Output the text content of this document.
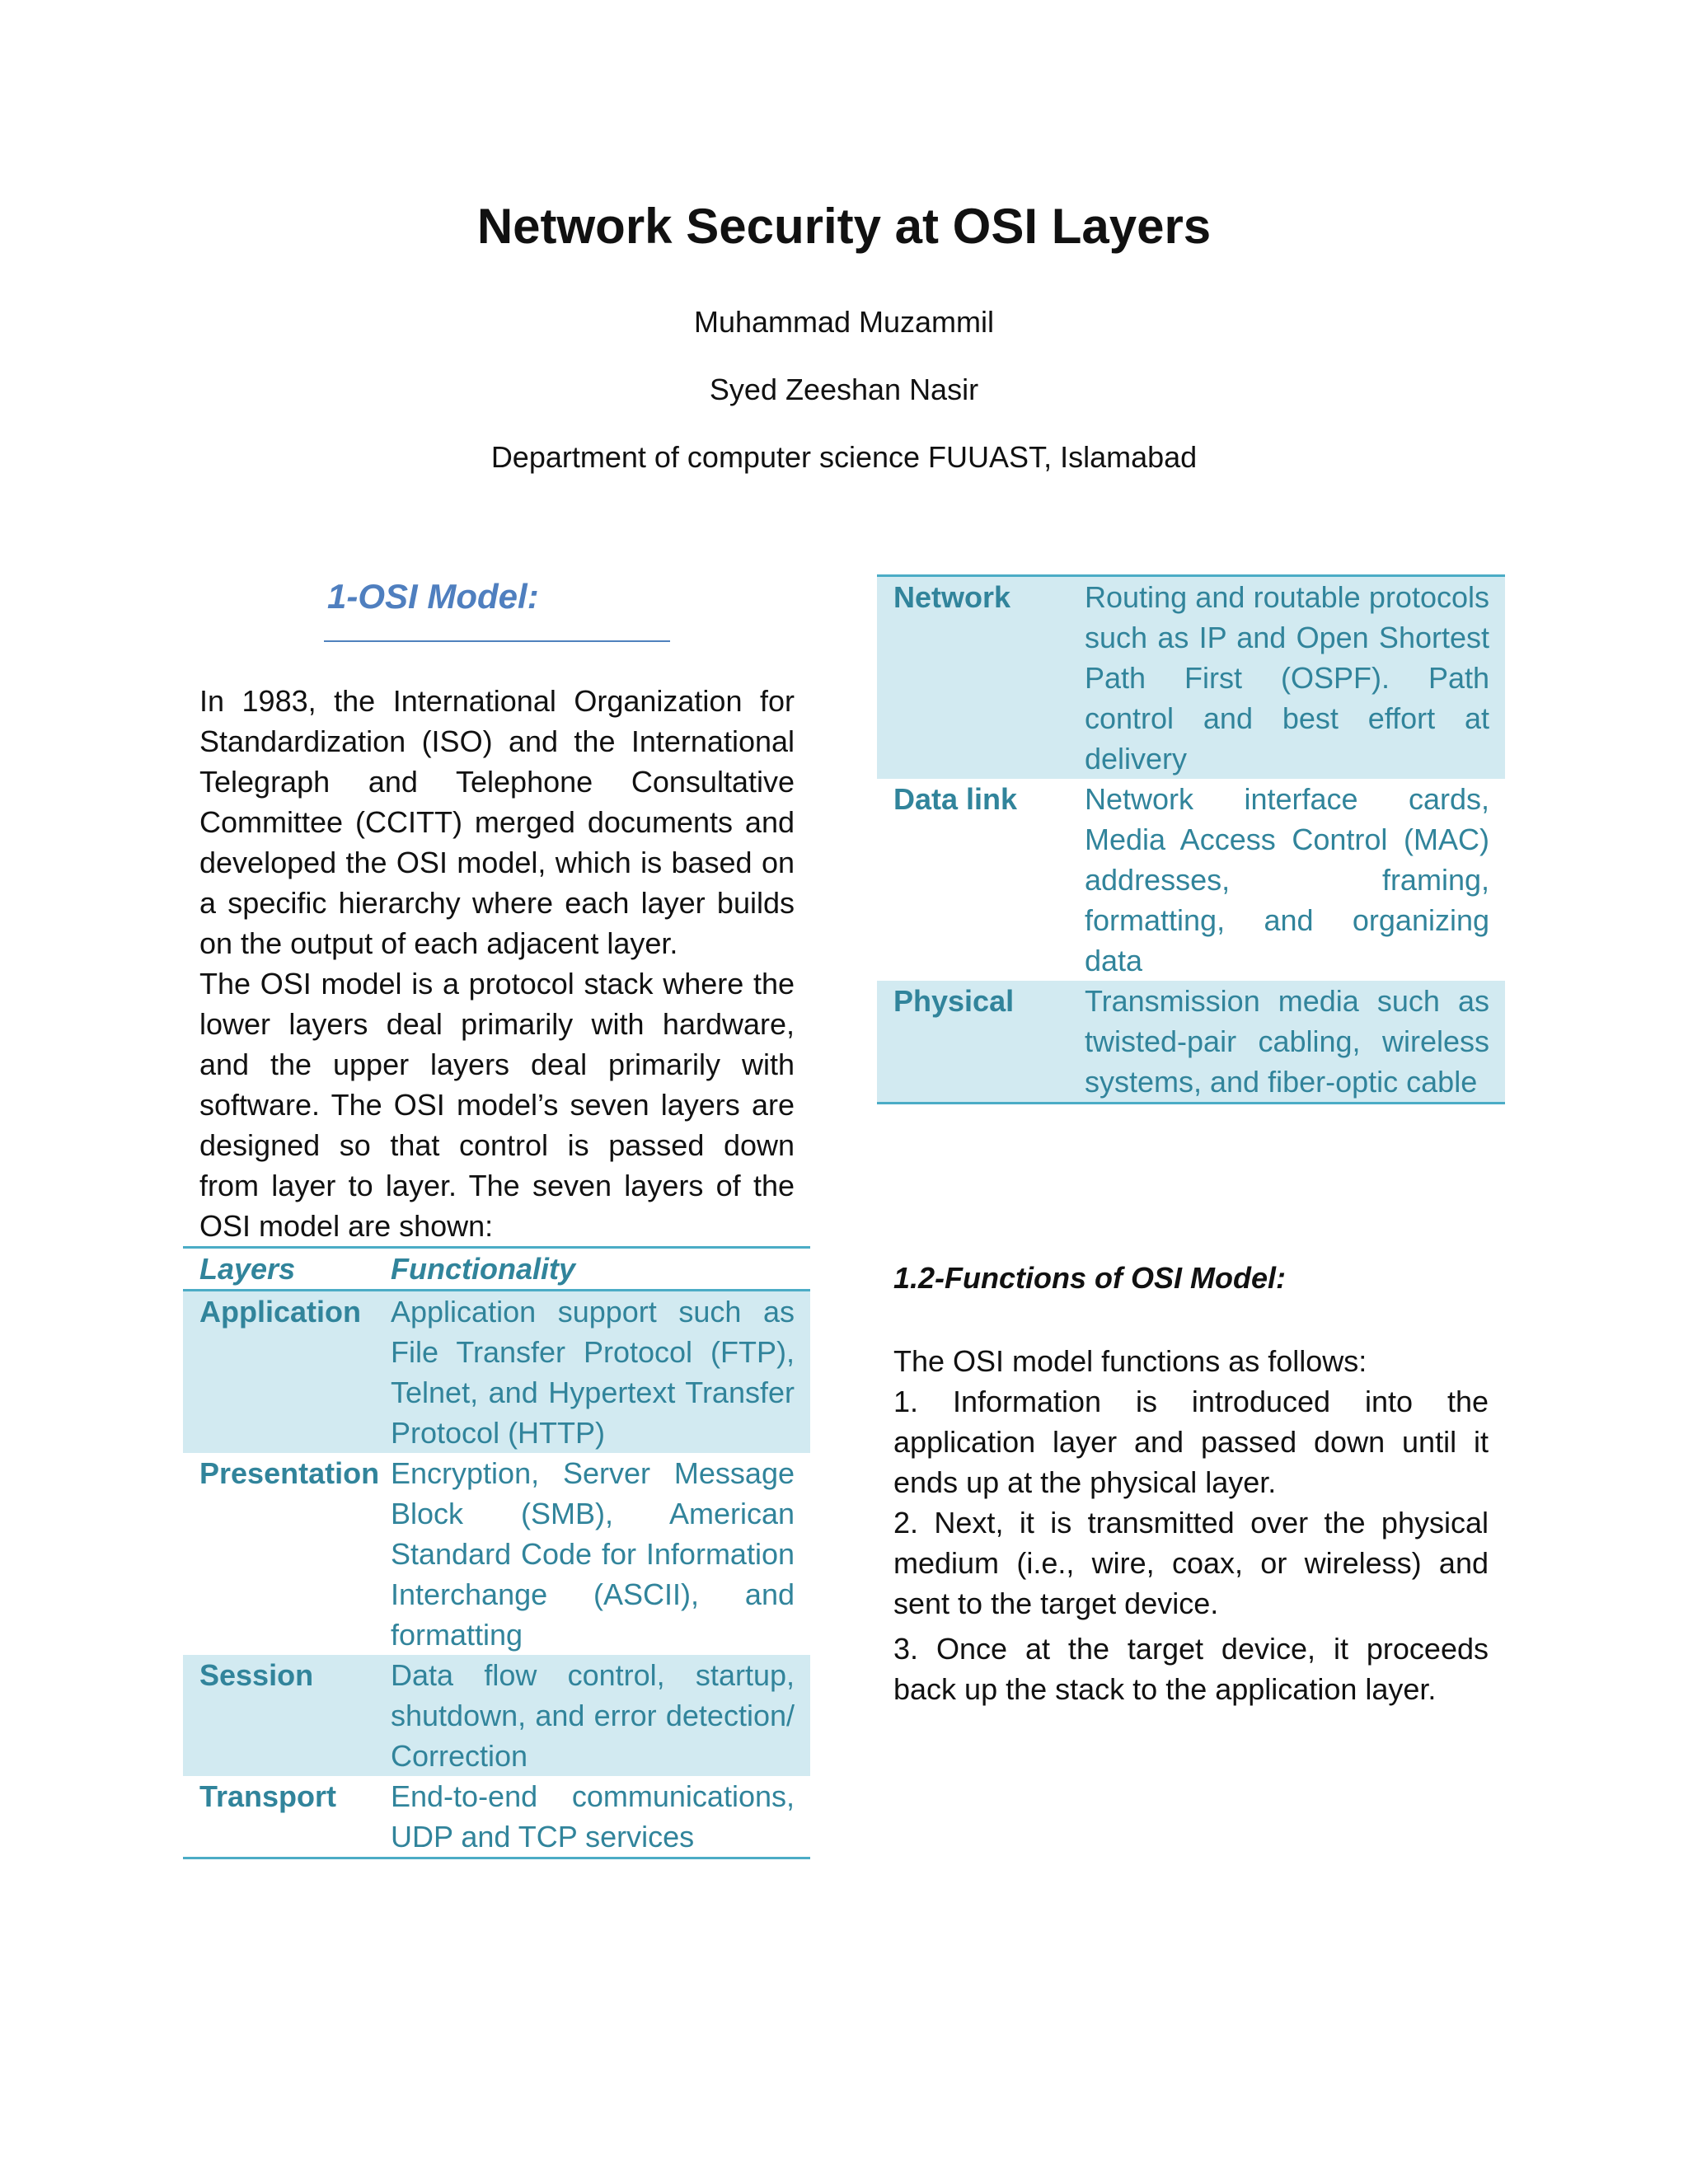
Network Security at OSI Layers

Muhammad Muzammil

Syed Zeeshan Nasir

Department of computer science FUUAST, Islamabad

1-OSI Model:

In 1983, the International Organization for Standardization (ISO) and the International Telegraph and Telephone Consultative Committee (CCITT) merged documents and developed the OSI model, which is based on a specific hierarchy where each layer builds on the output of each adjacent layer.

The OSI model is a protocol stack where the lower layers deal primarily with hardware, and the upper layers deal primarily with software. The OSI model’s seven layers are designed so that control is passed down from layer to layer. The seven layers of the OSI model are shown:

Layers	Functionality
Application	Application support such as File Transfer Protocol (FTP), Telnet, and Hypertext Transfer Protocol (HTTP)
Presentation	Encryption, Server Message Block (SMB), American Standard Code for Information Interchange (ASCII), and formatting
Session	Data flow control, startup, shutdown, and error detection/ Correction
Transport	End-to-end communications, UDP and TCP services
Network	Routing and routable protocols such as IP and Open Shortest Path First (OSPF). Path control and best effort at delivery
Data link	Network interface cards, Media Access Control (MAC) addresses, framing, formatting, and organizing data
Physical	Transmission media such as twisted-pair cabling, wireless systems, and fiber-optic cable
1.2-Functions of OSI Model:
The OSI model functions as follows:
1. Information is introduced into the application layer and passed down until it ends up at the physical layer.
2. Next, it is transmitted over the physical medium (i.e., wire, coax, or wireless) and sent to the target device.
3. Once at the target device, it proceeds back up the stack to the application layer.
